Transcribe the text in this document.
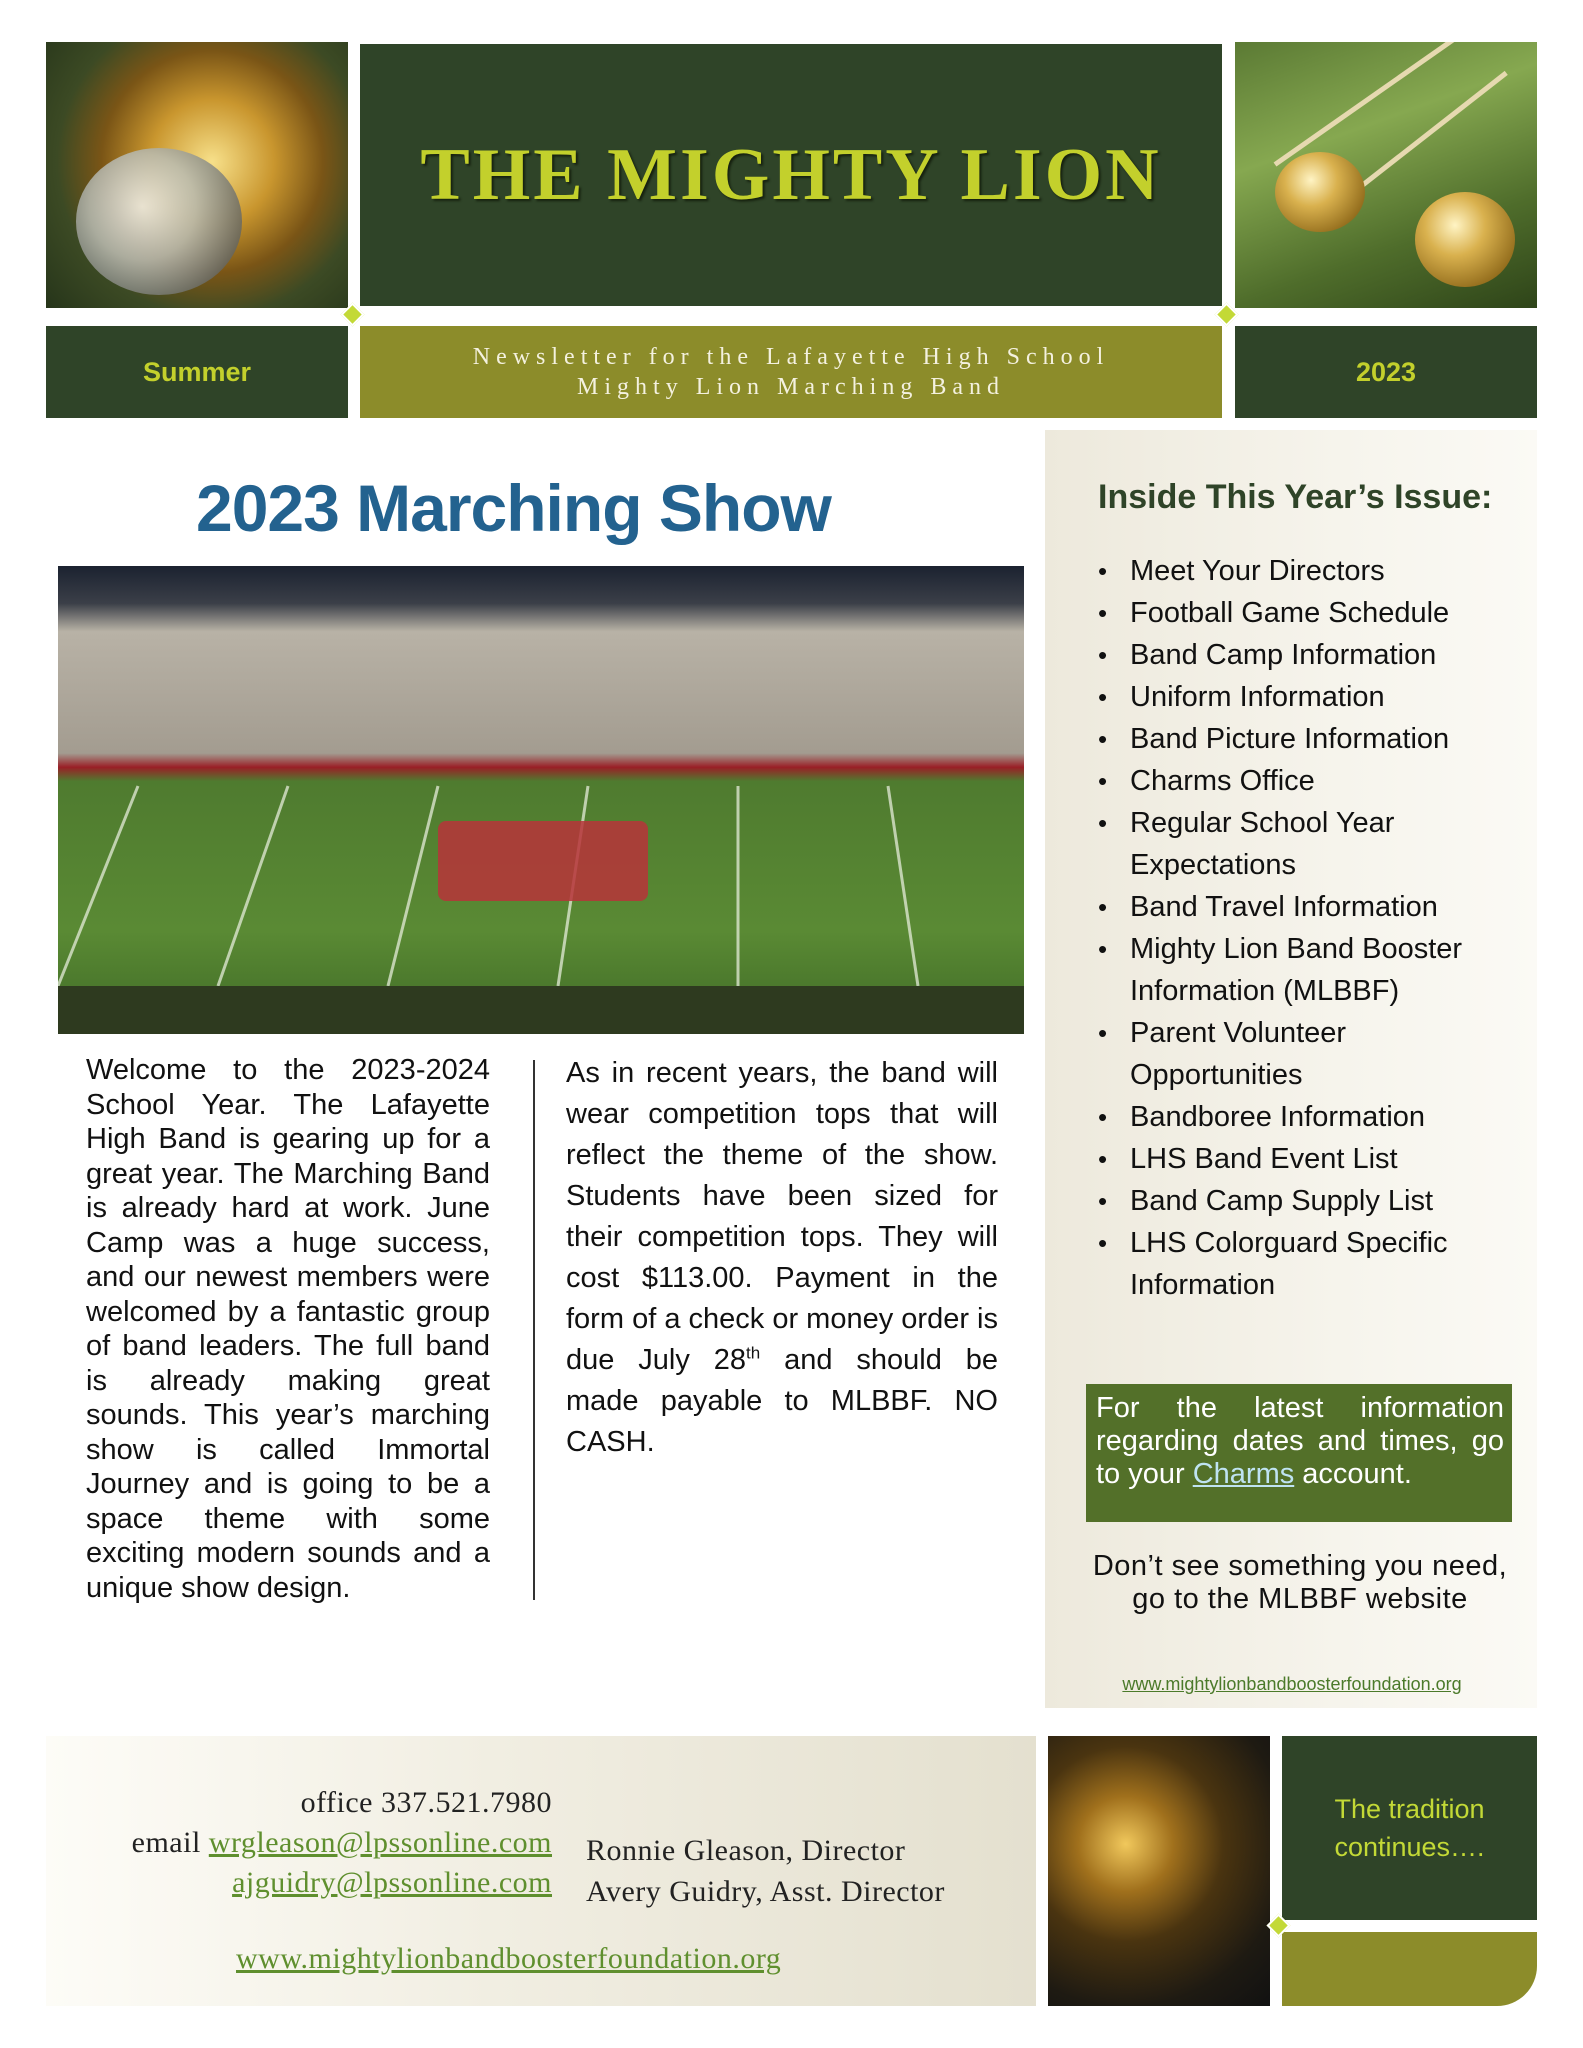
THE MIGHTY LION
Summer	Newsletter for the Lafayette High School
Mighty Lion Marching Band
2023
Inside This Year’s Issue:
• Meet Your Directors
• Football Game Schedule
• Band Camp Information
• Uniform Information
• Band Picture Information
• Charms Office
• Regular School Year Expectations
• Band Travel Information
• Mighty Lion Band Booster Information (MLBBF)
• Parent Volunteer Opportunities
• Bandboree Information
• LHS Band Event List
• Band Camp Supply List
• LHS Colorguard Specific Information
For the latest information regarding dates and times, go to your Charms account.
Don’t see something you need, go to the MLBBF website
www.mightylionbandboosterfoundation.org
2023 Marching Show
Welcome to the 2023-2024 School Year. The Lafayette High Band is gearing up for a great year. The Marching Band is already hard at work. June Camp was a huge success, and our newest members were welcomed by a fantastic group of band leaders. The full band is already making great sounds. This year’s marching show is called Immortal Journey and is going to be a space theme with some exciting modern sounds and a unique show design.
As in recent years, the band will wear competition tops that will reflect the theme of the show. Students have been sized for their competition tops. They will cost $113.00. Payment in the form of a check or money order is due July 28th and should be made payable to MLBBF. NO CASH.
office 337.521.7980
email wrgleason@lpssonline.com
ajguidry@lpssonline.com
Ronnie Gleason, Director
Avery Guidry, Asst. Director
www.mightylionbandboosterfoundation.org
The tradition
continues….
